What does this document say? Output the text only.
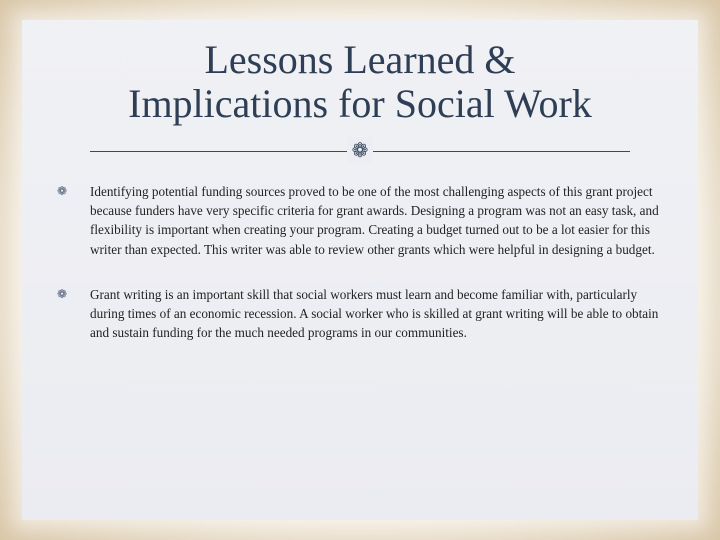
Lessons Learned &
Implications for Social Work
❁
❁	Identifying potential funding sources proved to be one of the most challenging aspects of this grant project because funders have very specific criteria for grant awards. Designing a program was not an easy task, and flexibility is important when creating your program. Creating a budget turned out to be a lot easier for this writer than expected. This writer was able to review other grants which were helpful in designing a budget.
❁	Grant writing is an important skill that social workers must learn and become familiar with, particularly during times of an economic recession. A social worker who is skilled at grant writing will be able to obtain and sustain funding for the much needed programs in our communities.
